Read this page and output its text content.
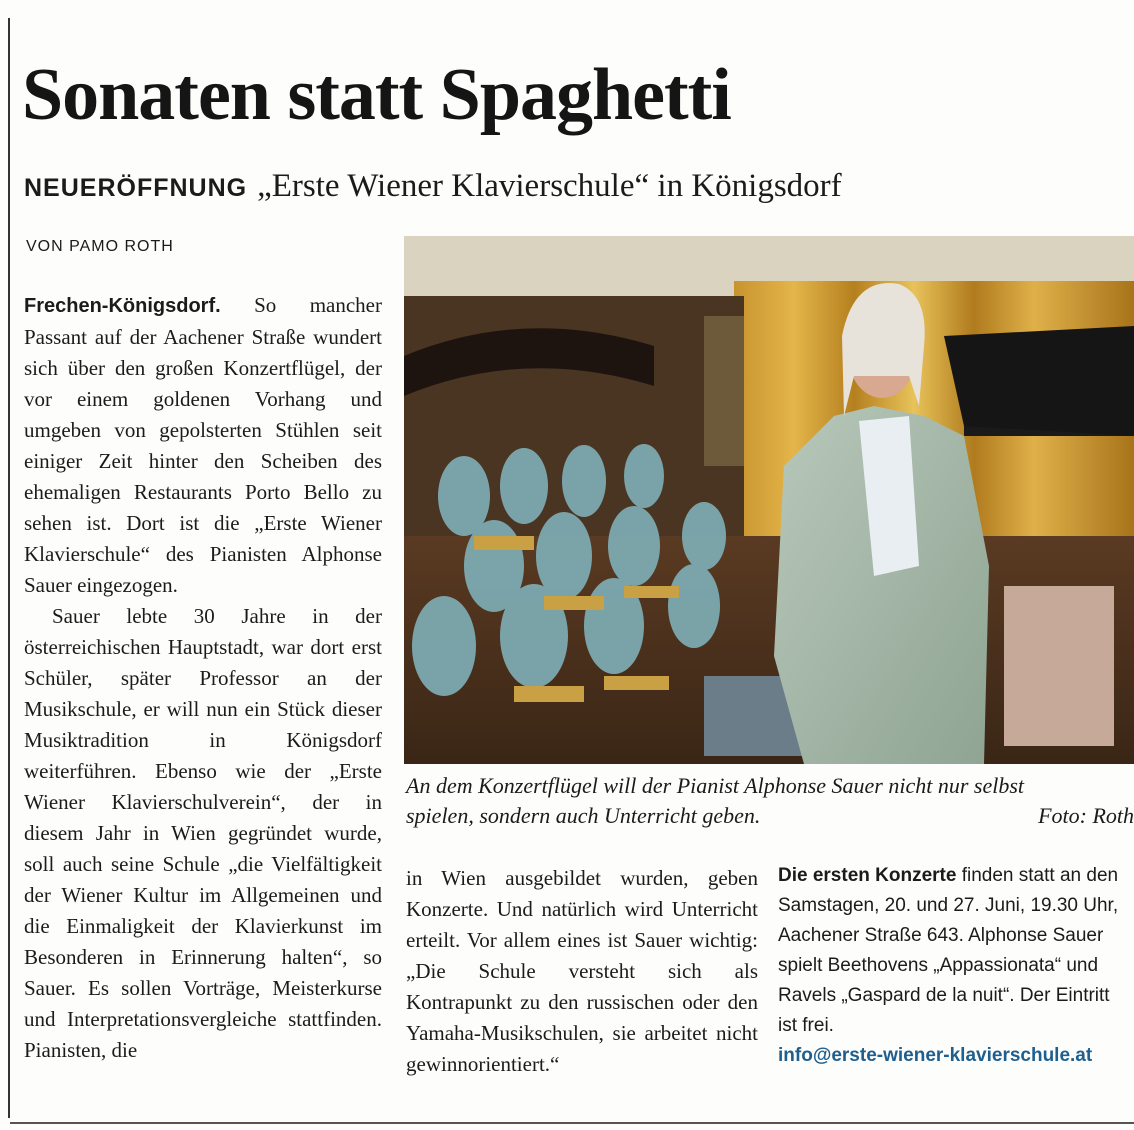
Sonaten statt Spaghetti
NEUERÖFFNUNG „Erste Wiener Klavierschule“ in Königsdorf
VON PAMO ROTH

Frechen-Königsdorf. So mancher Passant auf der Aachener Straße wundert sich über den großen Konzertflügel, der vor einem goldenen Vorhang und umgeben von gepolsterten Stühlen seit einiger Zeit hinter den Scheiben des ehemaligen Restaurants Porto Bello zu sehen ist. Dort ist die „Erste Wiener Klavierschule“ des Pianisten Alphonse Sauer eingezogen.

Sauer lebte 30 Jahre in der österreichischen Hauptstadt, war dort erst Schüler, später Professor an der Musikschule, er will nun ein Stück dieser Musiktradition in Königsdorf weiterführen. Ebenso wie der „Erste Wiener Klavierschulverein“, der in diesem Jahr in Wien gegründet wurde, soll auch seine Schule „die Vielfältigkeit der Wiener Kultur im Allgemeinen und die Einmaligkeit der Klavierkunst im Besonderen in Erinnerung halten“, so Sauer. Es sollen Vorträge, Meisterkurse und Interpretationsvergleiche stattfinden. Pianisten, die

An dem Konzertflügel will der Pianist Alphonse Sauer nicht nur selbst
spielen, sondern auch Unterricht geben.	Foto: Roth

in Wien ausgebildet wurden, geben Konzerte. Und natürlich wird Unterricht erteilt. Vor allem eines ist Sauer wichtig: „Die Schule versteht sich als Kontrapunkt zu den russischen oder den Yamaha-Musikschulen, sie arbeitet nicht gewinnorientiert.“

Die ersten Konzerte finden statt an den Samstagen, 20. und 27. Juni, 19.30 Uhr, Aachener Straße 643. Alphonse Sauer spielt Beethovens „Appassionata“ und Ravels „Gaspard de la nuit“. Der Eintritt ist frei.

info@erste-wiener-klavierschule.at
